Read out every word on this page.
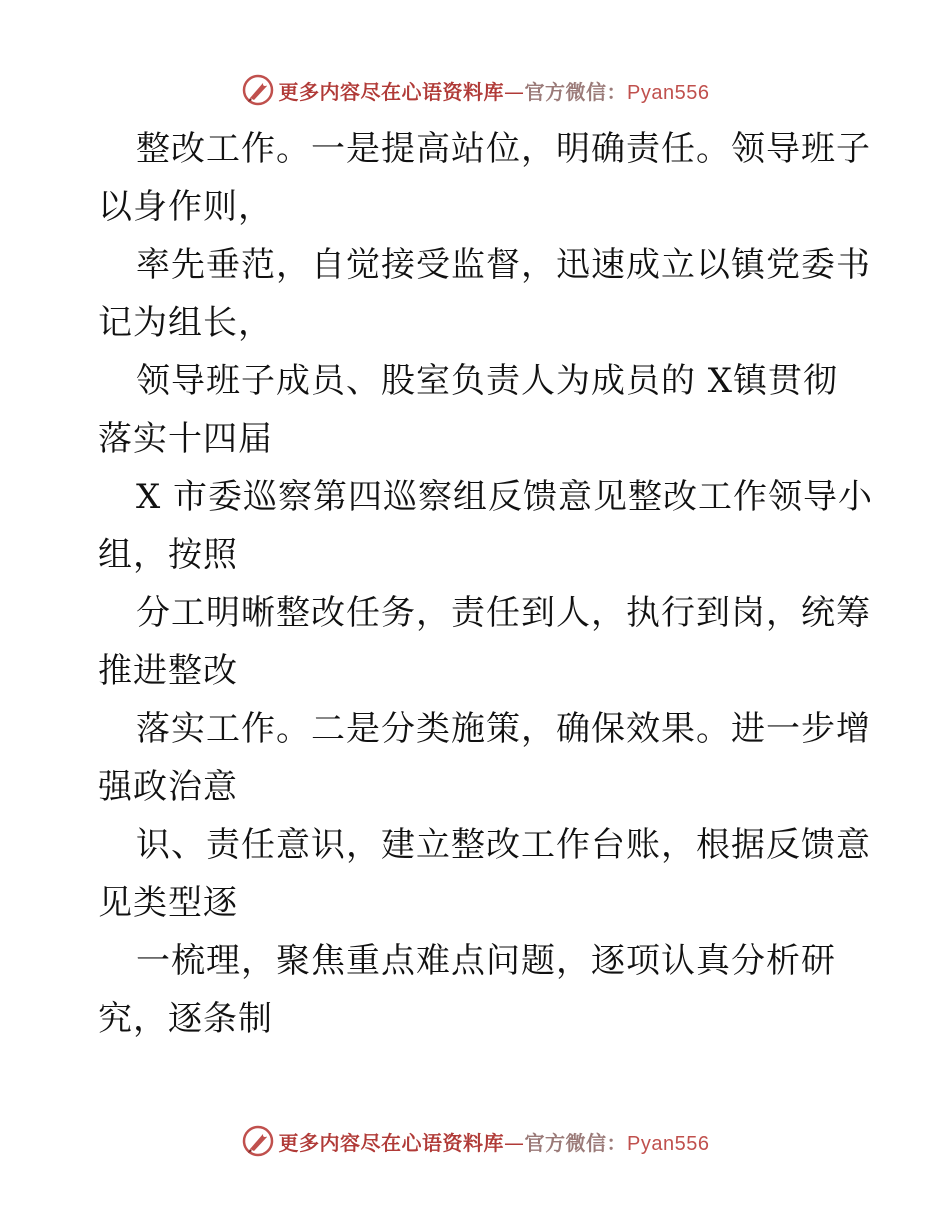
更多内容尽在心语资料库—官方微信：Pyan556

整改工作。一是提高站位，明确责任。领导班子
以身作则，

率先垂范，自觉接受监督，迅速成立以镇党委书
记为组长，

领导班子成员、股室负责人为成员的 X镇贯彻
落实十四届

X 市委巡察第四巡察组反馈意见整改工作领导小
组，按照

分工明晰整改任务，责任到人，执行到岗，统筹
推进整改

落实工作。二是分类施策，确保效果。进一步增
强政治意

识、责任意识，建立整改工作台账，根据反馈意
见类型逐

一梳理，聚焦重点难点问题，逐项认真分析研
究，逐条制

更多内容尽在心语资料库—官方微信：Pyan556
